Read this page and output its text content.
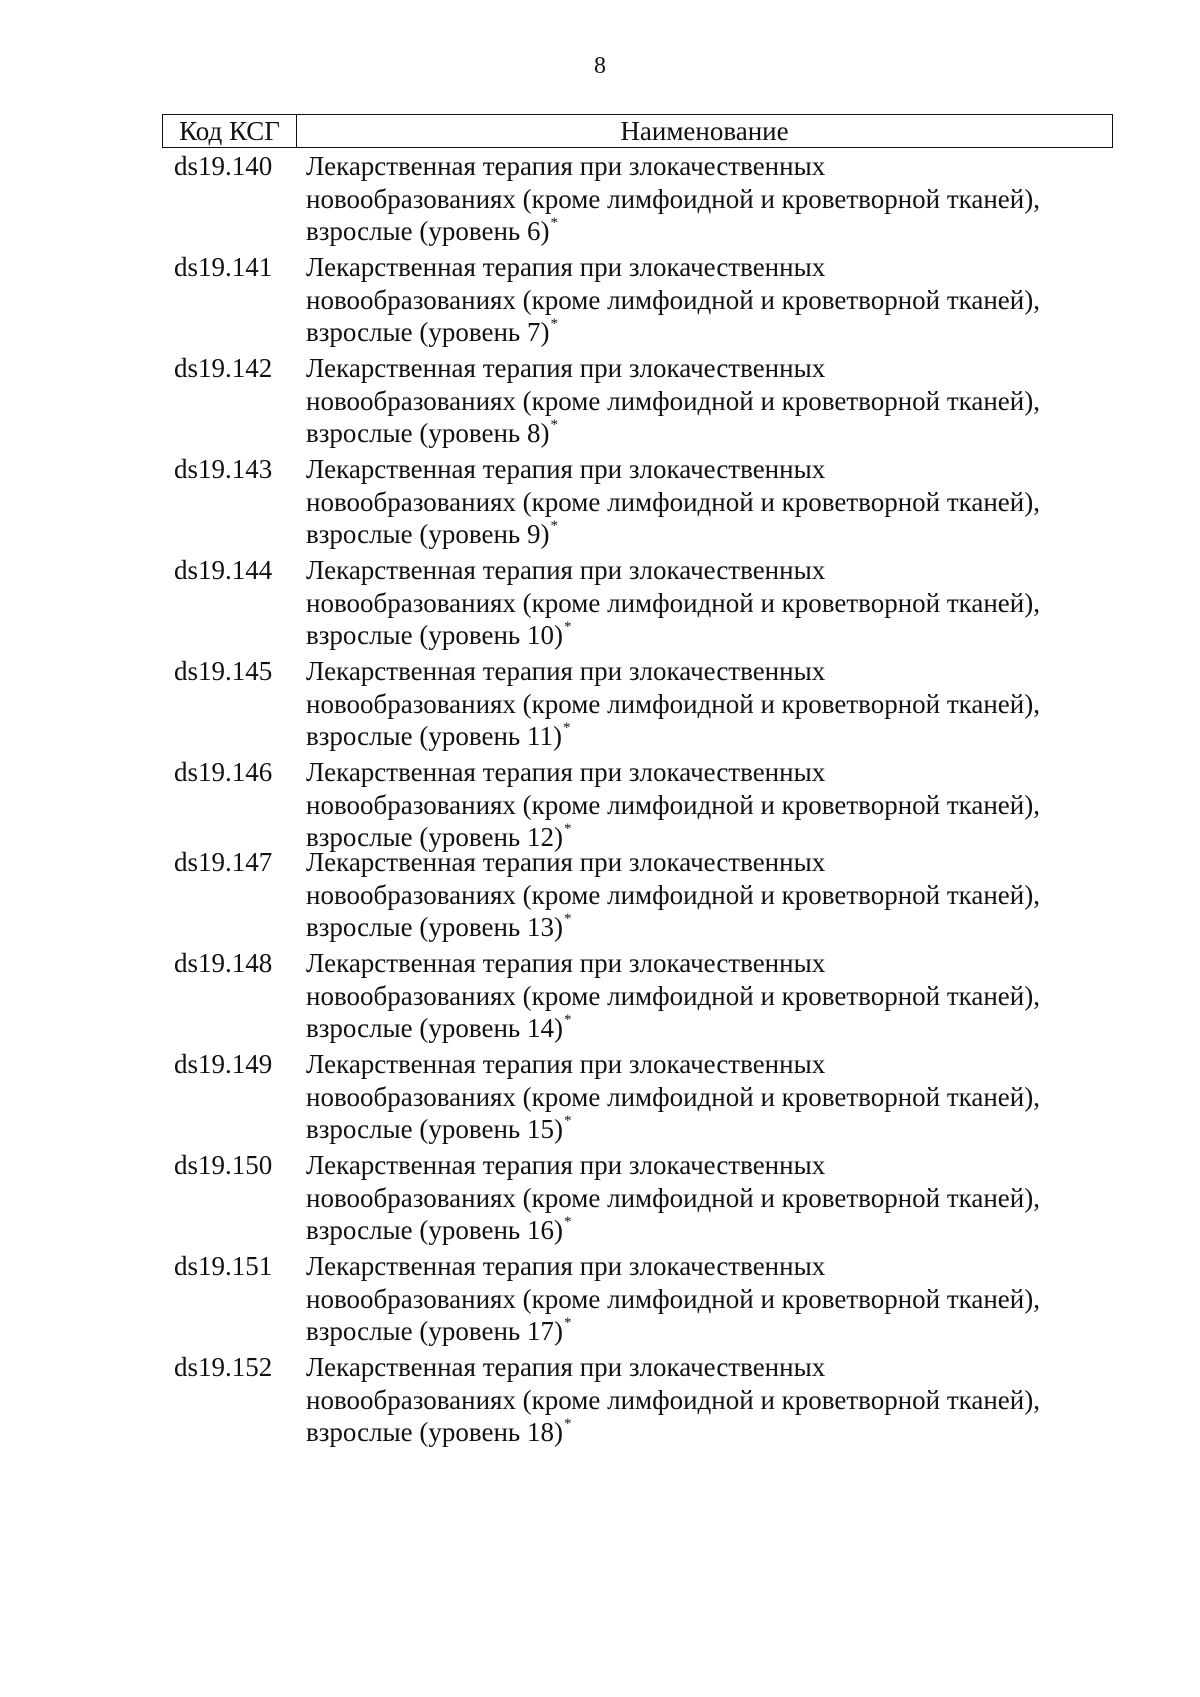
8
Код КСГ	Наименование
ds19.140	Лекарственная терапия при злокачественных
новообразованиях (кроме лимфоидной и кроветворной тканей),
взрослые (уровень 6)*
ds19.141	Лекарственная терапия при злокачественных
новообразованиях (кроме лимфоидной и кроветворной тканей),
взрослые (уровень 7)*
ds19.142	Лекарственная терапия при злокачественных
новообразованиях (кроме лимфоидной и кроветворной тканей),
взрослые (уровень 8)*
ds19.143	Лекарственная терапия при злокачественных
новообразованиях (кроме лимфоидной и кроветворной тканей),
взрослые (уровень 9)*
ds19.144	Лекарственная терапия при злокачественных
новообразованиях (кроме лимфоидной и кроветворной тканей),
взрослые (уровень 10)*
ds19.145	Лекарственная терапия при злокачественных
новообразованиях (кроме лимфоидной и кроветворной тканей),
взрослые (уровень 11)*
ds19.146	Лекарственная терапия при злокачественных
новообразованиях (кроме лимфоидной и кроветворной тканей),
взрослые (уровень 12)*
ds19.147	Лекарственная терапия при злокачественных
новообразованиях (кроме лимфоидной и кроветворной тканей),
взрослые (уровень 13)*
ds19.148	Лекарственная терапия при злокачественных
новообразованиях (кроме лимфоидной и кроветворной тканей),
взрослые (уровень 14)*
ds19.149	Лекарственная терапия при злокачественных
новообразованиях (кроме лимфоидной и кроветворной тканей),
взрослые (уровень 15)*
ds19.150	Лекарственная терапия при злокачественных
новообразованиях (кроме лимфоидной и кроветворной тканей),
взрослые (уровень 16)*
ds19.151	Лекарственная терапия при злокачественных
новообразованиях (кроме лимфоидной и кроветворной тканей),
взрослые (уровень 17)*
ds19.152	Лекарственная терапия при злокачественных
новообразованиях (кроме лимфоидной и кроветворной тканей),
взрослые (уровень 18)*
